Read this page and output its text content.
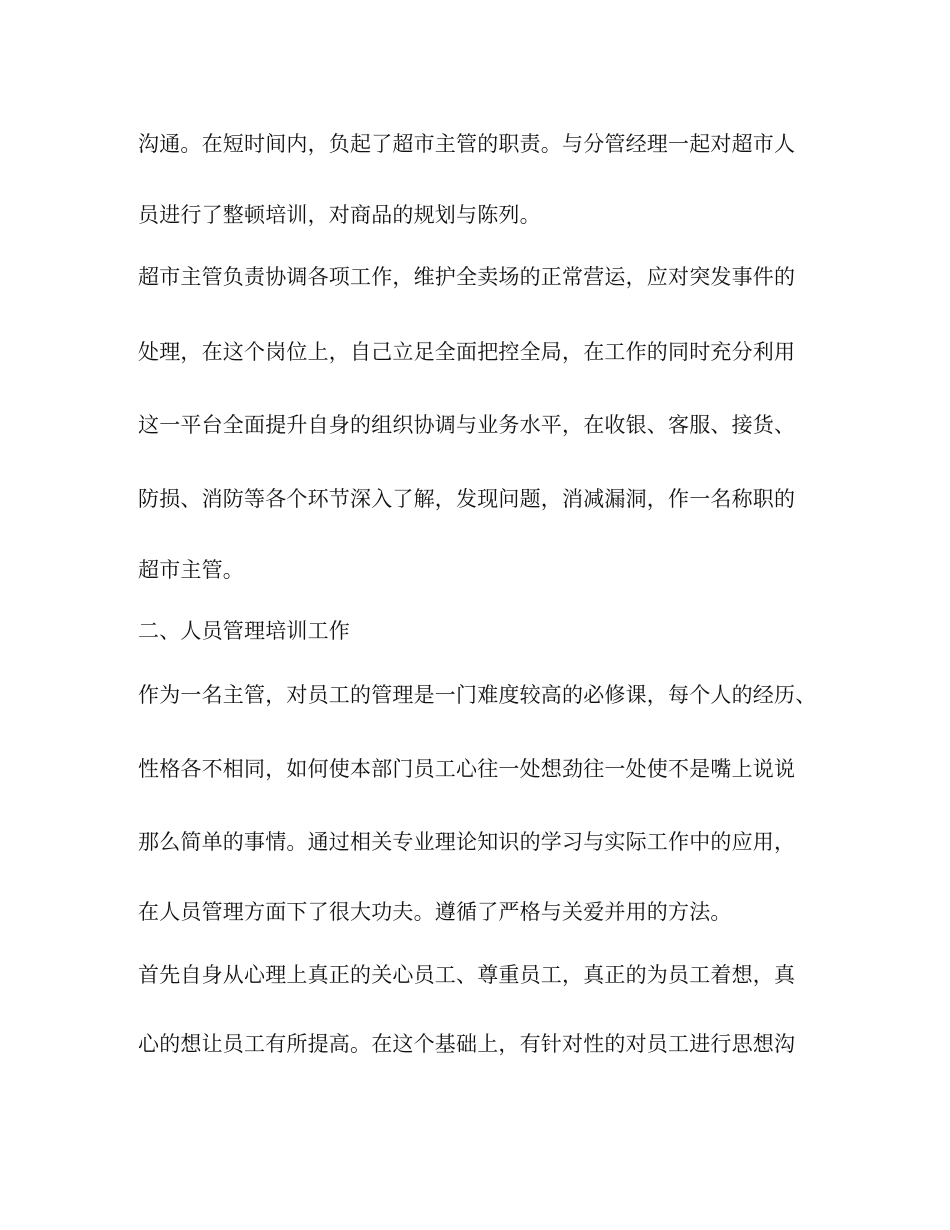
沟通。在短时间内，负起了超市主管的职责。与分管经理一起对超市人
员进行了整顿培训，对商品的规划与陈列。
超市主管负责协调各项工作，维护全卖场的正常营运，应对突发事件的
处理，在这个岗位上，自己立足全面把控全局，在工作的同时充分利用
这一平台全面提升自身的组织协调与业务水平，在收银、客服、接货、
防损、消防等各个环节深入了解，发现问题，消减漏洞，作一名称职的
超市主管。
二、人员管理培训工作
作为一名主管，对员工的管理是一门难度较高的必修课，每个人的经历、
性格各不相同，如何使本部门员工心往一处想劲往一处使不是嘴上说说
那么简单的事情。通过相关专业理论知识的学习与实际工作中的应用，
在人员管理方面下了很大功夫。遵循了严格与关爱并用的方法。
首先自身从心理上真正的关心员工、尊重员工，真正的为员工着想，真
心的想让员工有所提高。在这个基础上，有针对性的对员工进行思想沟
